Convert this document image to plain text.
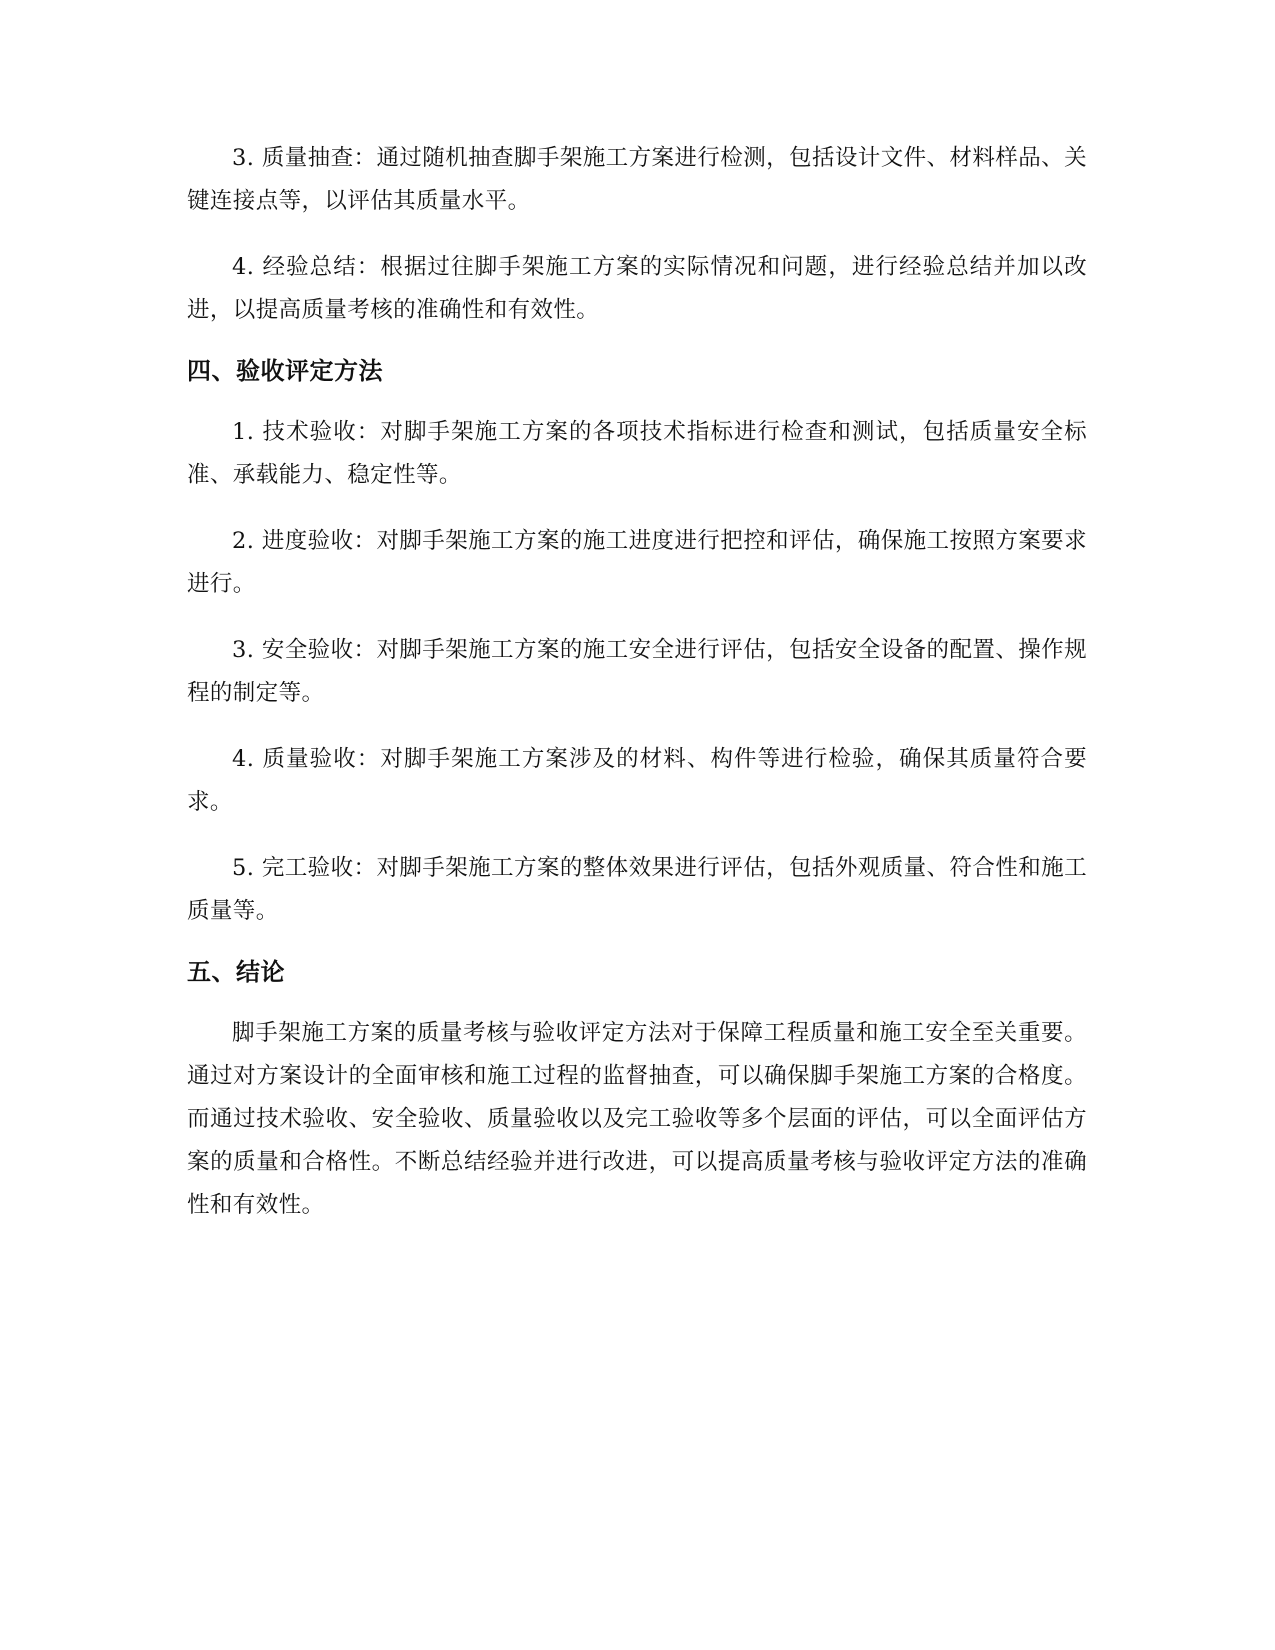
3. 质量抽查：通过随机抽查脚手架施工方案进行检测，包括设计文件、材料样品、关键连接点等，以评估其质量水平。

4. 经验总结：根据过往脚手架施工方案的实际情况和问题，进行经验总结并加以改进，以提高质量考核的准确性和有效性。

四、验收评定方法

1. 技术验收：对脚手架施工方案的各项技术指标进行检查和测试，包括质量安全标准、承载能力、稳定性等。

2. 进度验收：对脚手架施工方案的施工进度进行把控和评估，确保施工按照方案要求进行。

3. 安全验收：对脚手架施工方案的施工安全进行评估，包括安全设备的配置、操作规程的制定等。

4. 质量验收：对脚手架施工方案涉及的材料、构件等进行检验，确保其质量符合要求。

5. 完工验收：对脚手架施工方案的整体效果进行评估，包括外观质量、符合性和施工质量等。

五、结论

脚手架施工方案的质量考核与验收评定方法对于保障工程质量和施工安全至关重要。通过对方案设计的全面审核和施工过程的监督抽查，可以确保脚手架施工方案的合格度。而通过技术验收、安全验收、质量验收以及完工验收等多个层面的评估，可以全面评估方案的质量和合格性。不断总结经验并进行改进，可以提高质量考核与验收评定方法的准确性和有效性。
